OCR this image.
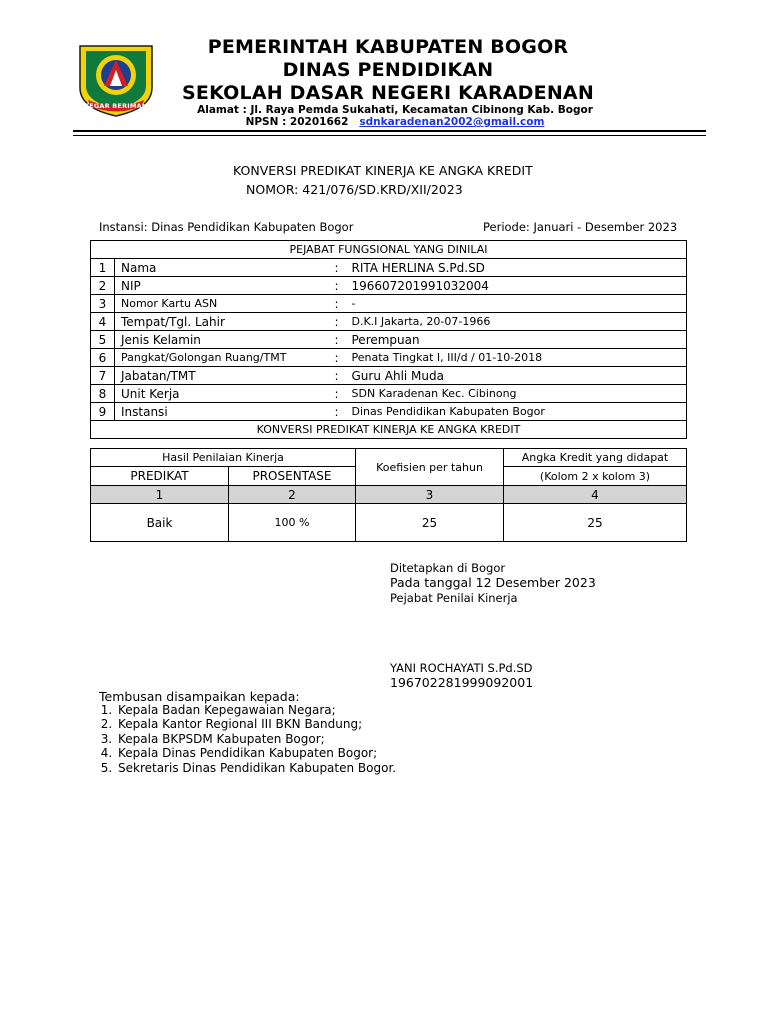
TEGAR BERIMAN
PEMERINTAH KABUPATEN BOGOR
DINAS PENDIDIKAN
SEKOLAH DASAR NEGERI KARADENAN
Alamat : Jl. Raya Pemda Sukahati, Kecamatan Cibinong Kab. Bogor
NPSN : 20201662 sdnkaradenan2002@gmail.com
KONVERSI PREDIKAT KINERJA KE ANGKA KREDIT
NOMOR: 421/076/SD.KRD/XII/2023
Instansi: Dinas Pendidikan Kabupaten Bogor	Periode: Januari - Desember 2023
PEJABAT FUNGSIONAL YANG DINILAI			
1	Nama	:	RITA HERLINA S.Pd.SD
2	NIP	:	196607201991032004
3	Nomor Kartu ASN	:	-
4	Tempat/Tgl. Lahir	:	D.K.I Jakarta, 20-07-1966
5	Jenis Kelamin	:	Perempuan
6	Pangkat/Golongan Ruang/TMT	:	Penata Tingkat I, III/d / 01-10-2018
7	Jabatan/TMT	:	Guru Ahli Muda
8	Unit Kerja	:	SDN Karadenan Kec. Cibinong
9	Instansi	:	Dinas Pendidikan Kabupaten Bogor
KONVERSI PREDIKAT KINERJA KE ANGKA KREDIT			
Hasil Penilaian Kinerja		Koefisien per tahun	Angka Kredit yang didapat
PREDIKAT	PROSENTASE		(Kolom 2 x kolom 3)
1	2	3	4
Baik	100 %	25	25
Ditetapkan di Bogor
Pada tanggal 12 Desember 2023
Pejabat Penilai Kinerja
YANI ROCHAYATI S.Pd.SD
196702281999092001
Tembusan disampaikan kepada:
1. Kepala Badan Kepegawaian Negara;
2. Kepala Kantor Regional III BKN Bandung;
3. Kepala BKPSDM Kabupaten Bogor;
4. Kepala Dinas Pendidikan Kabupaten Bogor;
5. Sekretaris Dinas Pendidikan Kabupaten Bogor.
